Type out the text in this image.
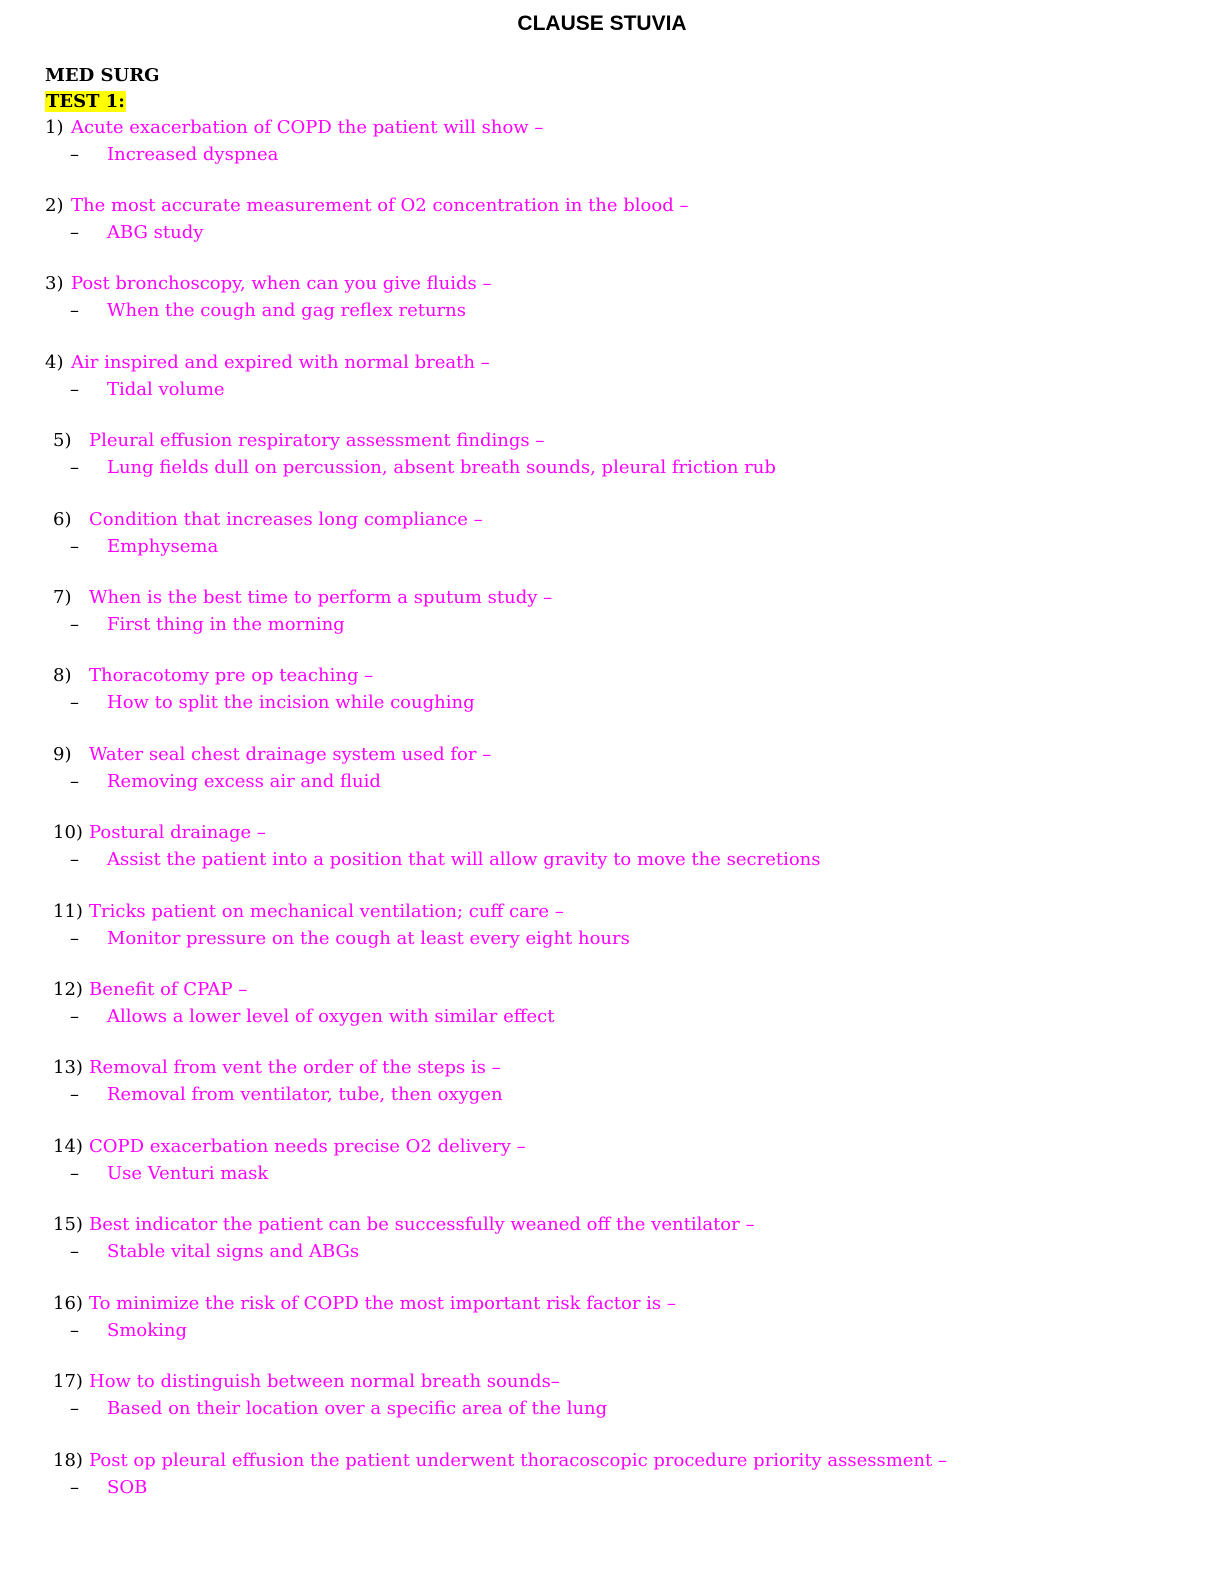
CLAUSE STUVIA
MED SURG
TEST 1:
1) Acute exacerbation of COPD the patient will show –
– Increased dyspnea
2) The most accurate measurement of O2 concentration in the blood –
– ABG study
3) Post bronchoscopy, when can you give fluids –
– When the cough and gag reflex returns
4) Air inspired and expired with normal breath –
– Tidal volume
5) Pleural effusion respiratory assessment findings –
– Lung fields dull on percussion, absent breath sounds, pleural friction rub
6) Condition that increases long compliance –
– Emphysema
7) When is the best time to perform a sputum study –
– First thing in the morning
8) Thoracotomy pre op teaching –
– How to split the incision while coughing
9) Water seal chest drainage system used for –
– Removing excess air and fluid
10) Postural drainage –
– Assist the patient into a position that will allow gravity to move the secretions
11) Tricks patient on mechanical ventilation; cuff care –
– Monitor pressure on the cough at least every eight hours
12) Benefit of CPAP –
– Allows a lower level of oxygen with similar effect
13) Removal from vent the order of the steps is –
– Removal from ventilator, tube, then oxygen
14) COPD exacerbation needs precise O2 delivery –
– Use Venturi mask
15) Best indicator the patient can be successfully weaned off the ventilator –
– Stable vital signs and ABGs
16) To minimize the risk of COPD the most important risk factor is –
– Smoking
17) How to distinguish between normal breath sounds–
– Based on their location over a specific area of the lung
18) Post op pleural effusion the patient underwent thoracoscopic procedure priority assessment –
– SOB
